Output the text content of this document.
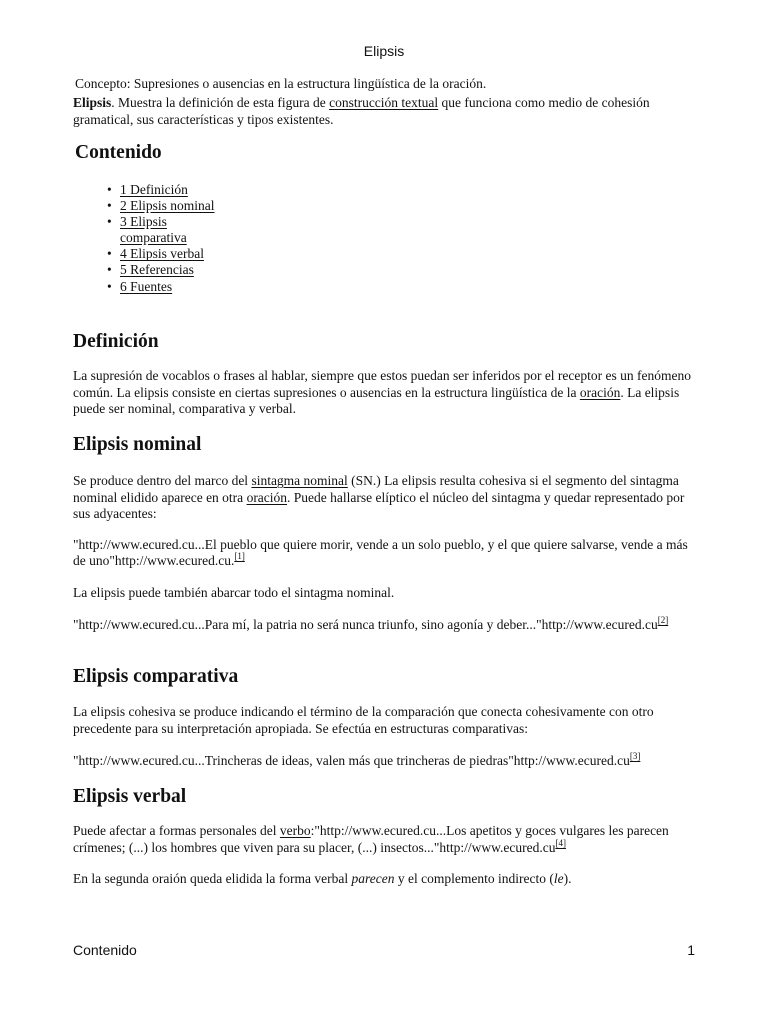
Elipsis
Concepto: Supresiones o ausencias en la estructura lingüística de la oración.
Elipsis. Muestra la definición de esta figura de construcción textual que funciona como medio de cohesión gramatical, sus características y tipos existentes.
Contenido
• 1 Definición
• 2 Elipsis nominal
• 3 Elipsis comparativa
• 4 Elipsis verbal
• 5 Referencias
• 6 Fuentes
Definición

La supresión de vocablos o frases al hablar, siempre que estos puedan ser inferidos por el receptor es un fenómeno común. La elipsis consiste en ciertas supresiones o ausencias en la estructura lingüística de la oración. La elipsis puede ser nominal, comparativa y verbal.

Elipsis nominal

Se produce dentro del marco del sintagma nominal (SN.) La elipsis resulta cohesiva si el segmento del sintagma nominal elidido aparece en otra oración. Puede hallarse elíptico el núcleo del sintagma y quedar representado por sus adyacentes:

"http://www.ecured.cu...El pueblo que quiere morir, vende a un solo pueblo, y el que quiere salvarse, vende a más de uno"http://www.ecured.cu.[1]

La elipsis puede también abarcar todo el sintagma nominal.

"http://www.ecured.cu...Para mí, la patria no será nunca triunfo, sino agonía y deber..."http://www.ecured.cu[2]

Elipsis comparativa

La elipsis cohesiva se produce indicando el término de la comparación que conecta cohesivamente con otro precedente para su interpretación apropiada. Se efectúa en estructuras comparativas:

"http://www.ecured.cu...Trincheras de ideas, valen más que trincheras de piedras"http://www.ecured.cu[3]

Elipsis verbal

Puede afectar a formas personales del verbo:"http://www.ecured.cu...Los apetitos y goces vulgares les parecen crímenes; (...) los hombres que viven para su placer, (...) insectos..."http://www.ecured.cu[4]

En la segunda oraión queda elidida la forma verbal parecen y el complemento indirecto (le).

Contenido	1
